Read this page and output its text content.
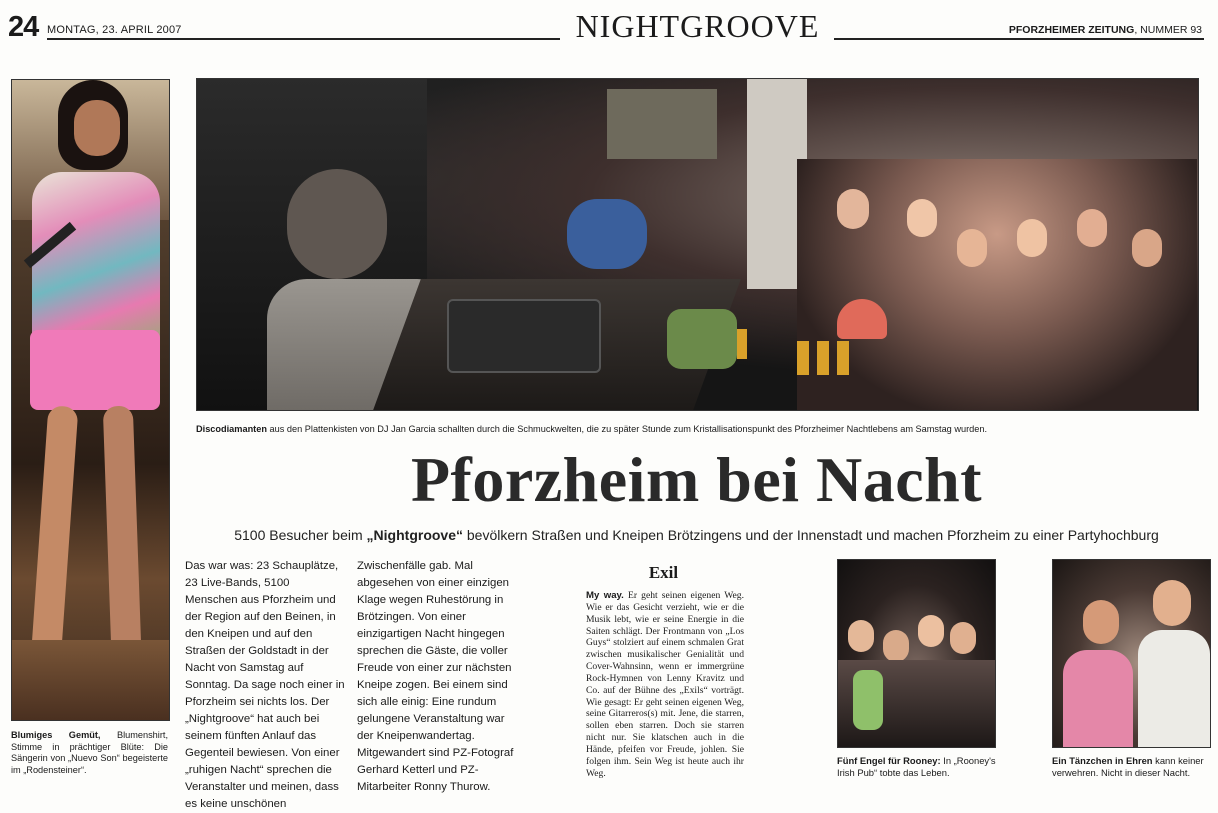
24 MONTAG, 23. APRIL 2007	NIGHTGROOVE	PFORZHEIMER ZEITUNG, NUMMER 93
Discodiamanten aus den Plattenkisten von DJ Jan Garcia schallten durch die Schmuckwelten, die zu später Stunde zum Kristallisationspunkt des Pforzheimer Nachtlebens am Samstag wurden.
Pforzheim bei Nacht
5100 Besucher beim „Nightgroove“ bevölkern Straßen und Kneipen Brötzingens und der Innenstadt und machen Pforzheim zu einer Partyhochburg

Das war was: 23 Schauplätze, 23 Live-Bands, 5100 Menschen aus Pforzheim und der Region auf den Beinen, in den Kneipen und auf den Straßen der Goldstadt in der Nacht von Samstag auf Sonntag. Da sage noch einer in Pforzheim sei nichts los. Der „Nightgroove“ hat auch bei seinem fünften Anlauf das Gegenteil bewiesen. Von einer „ruhigen Nacht“ sprechen die Veranstalter und meinen, dass es keine unschönen

Zwischenfälle gab. Mal abgesehen von einer einzigen Klage wegen Ruhestörung in Brötzingen. Von einer einzigartigen Nacht hingegen sprechen die Gäste, die voller Freude von einer zur nächsten Kneipe zogen. Bei einem sind sich alle einig: Eine rundum gelungene Veranstaltung war der Kneipenwandertag. Mitgewandert sind PZ-Fotograf Gerhard Ketterl und PZ-Mitarbeiter Ronny Thurow.

Exil
My way. Er geht seinen eigenen Weg. Wie er das Gesicht verzieht, wie er die Musik lebt, wie er seine Energie in die Saiten schlägt. Der Frontmann von „Los Guys“ stolziert auf einem schmalen Grat zwischen musikalischer Genialität und Cover-Wahnsinn, wenn er immergrüne Rock-Hymnen von Lenny Kravitz und Co. auf der Bühne des „Exils“ vorträgt. Wie gesagt: Er geht seinen eigenen Weg, seine Gitarreros(s) mit. Jene, die starren, sollen eben starren. Doch sie starren nicht nur. Sie klatschen auch in die Hände, pfeifen vor Freude, johlen. Sie folgen ihm. Sein Weg ist heute auch ihr Weg.
Blumiges Gemüt, Blumenshirt, Stimme in prächtiger Blüte: Die Sängerin von „Nuevo Son“ begeisterte im „Rodensteiner“.
Fünf Engel für Rooney: In „Rooney's Irish Pub“ tobte das Leben.
Ein Tänzchen in Ehren kann keiner verwehren. Nicht in dieser Nacht.
